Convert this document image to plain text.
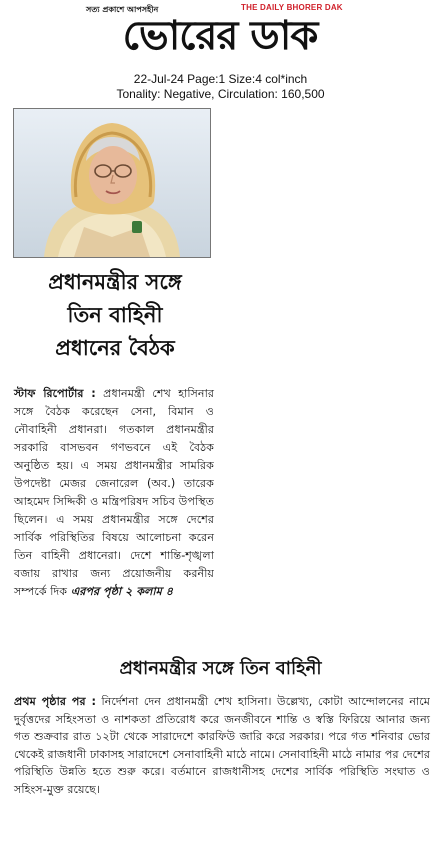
সত্য প্রকাশে আপসহীন	THE DAILY BHORER DAK
ভোরের ডাক
22-Jul-24 Page:1 Size:4 col*inch
Tonality: Negative, Circulation: 160,500
প্রধানমন্ত্রীর সঙ্গে
তিন বাহিনী
প্রধানের বৈঠক
স্টাফ রিপোর্টার : প্রধানমন্ত্রী শেখ হাসিনার সঙ্গে বৈঠক করেছেন সেনা, বিমান ও নৌবাহিনী প্রধানরা। গতকাল প্রধানমন্ত্রীর সরকারি বাসভবন গণভবনে এই বৈঠক অনুষ্ঠিত হয়। এ সময় প্রধানমন্ত্রীর সামরিক উপদেষ্টা মেজর জেনারেল (অব.) তারেক আহমেদ সিদ্দিকী ও মন্ত্রিপরিষদ সচিব উপস্থিত ছিলেন। এ সময় প্রধানমন্ত্রীর সঙ্গে দেশের সার্বিক পরিস্থিতির বিষয়ে আলোচনা করেন তিন বাহিনী প্রধানেরা। দেশে শান্তি-শৃঙ্খলা বজায় রাখার জন্য প্রয়োজনীয় করনীয় সম্পর্কে দিক এরপর পৃষ্ঠা ২ কলাম ৪
প্রধানমন্ত্রীর সঙ্গে তিন বাহিনী
প্রথম পৃষ্ঠার পর : নির্দেশনা দেন প্রধানমন্ত্রী শেখ হাসিনা। উল্লেখ্য, কোটা আন্দোলনের নামে দুর্বৃত্তদের সহিংসতা ও নাশকতা প্রতিরোধ করে জনজীবনে শান্তি ও স্বস্তি ফিরিয়ে আনার জন্য গত শুক্রবার রাত ১২টা থেকে সারাদেশে কারফিউ জারি করে সরকার। পরে গত শনিবার ভোর থেকেই রাজধানী ঢাকাসহ সারাদেশে সেনাবাহিনী মাঠে নামে। সেনাবাহিনী মাঠে নামার পর দেশের পরিস্থিতি উন্নতি হতে শুরু করে। বর্তমানে রাজধানীসহ দেশের সার্বিক পরিস্থিতি সংঘাত ও সহিংস-মুক্ত রয়েছে।
